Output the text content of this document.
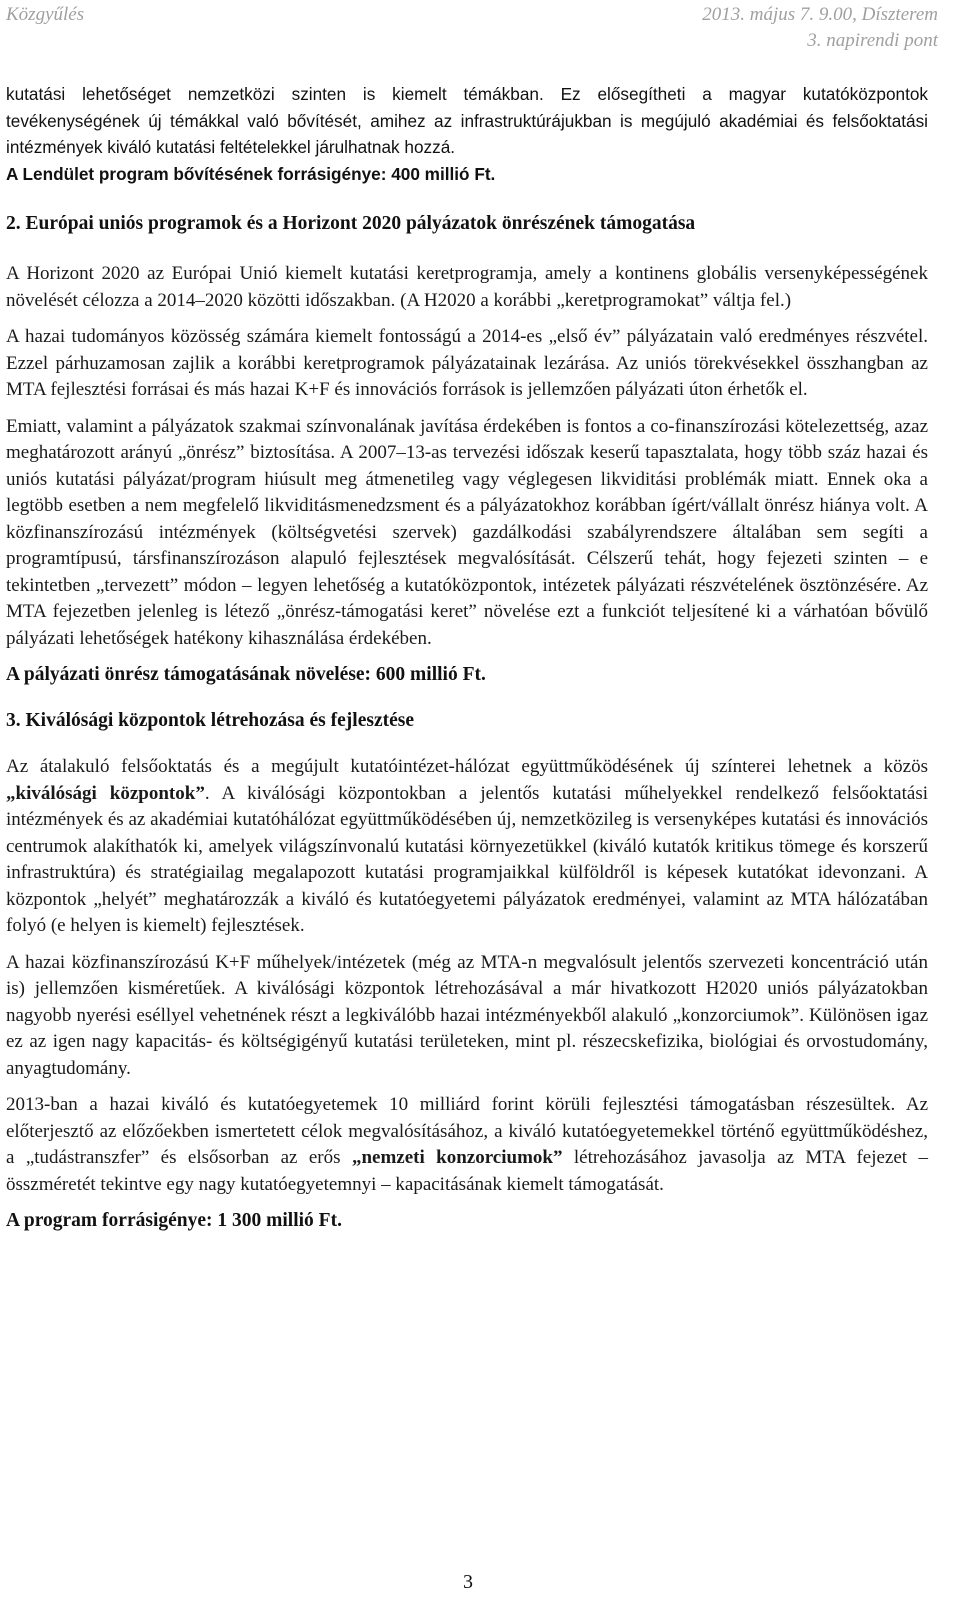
Közgyűlés	2013. május 7. 9.00, Díszterem
3. napirendi pont

kutatási lehetőséget nemzetközi szinten is kiemelt témákban. Ez elősegítheti a magyar kutatóközpontok tevékenységének új témákkal való bővítését, amihez az infrastruktúrájukban is megújuló akadémiai és felsőoktatási intézmények kiváló kutatási feltételekkel járulhatnak hozzá.

A Lendület program bővítésének forrásigénye: 400 millió Ft.

2. Európai uniós programok és a Horizont 2020 pályázatok önrészének támogatása

A Horizont 2020 az Európai Unió kiemelt kutatási keretprogramja, amely a kontinens globális versenyképességének növelését célozza a 2014–2020 közötti időszakban. (A H2020 a korábbi „keretprogramokat” váltja fel.)

A hazai tudományos közösség számára kiemelt fontosságú a 2014-es „első év” pályázatain való eredményes részvétel. Ezzel párhuzamosan zajlik a korábbi keretprogramok pályázatainak lezárása. Az uniós törekvésekkel összhangban az MTA fejlesztési forrásai és más hazai K+F és innovációs források is jellemzően pályázati úton érhetők el.

Emiatt, valamint a pályázatok szakmai színvonalának javítása érdekében is fontos a co-finanszírozási kötelezettség, azaz meghatározott arányú „önrész” biztosítása. A 2007–13-as tervezési időszak keserű tapasztalata, hogy több száz hazai és uniós kutatási pályázat/program hiúsult meg átmenetileg vagy véglegesen likviditási problémák miatt. Ennek oka a legtöbb esetben a nem megfelelő likviditásmenedzsment és a pályázatokhoz korábban ígért/vállalt önrész hiánya volt. A közfinanszírozású intézmények (költségvetési szervek) gazdálkodási szabályrendszere általában sem segíti a programtípusú, társfinanszírozáson alapuló fejlesztések megvalósítását. Célszerű tehát, hogy fejezeti szinten – e tekintetben „tervezett” módon – legyen lehetőség a kutatóközpontok, intézetek pályázati részvételének ösztönzésére. Az MTA fejezetben jelenleg is létező „önrész-támogatási keret” növelése ezt a funkciót teljesítené ki a várhatóan bővülő pályázati lehetőségek hatékony kihasználása érdekében.

A pályázati önrész támogatásának növelése: 600 millió Ft.

3. Kiválósági központok létrehozása és fejlesztése

Az átalakuló felsőoktatás és a megújult kutatóintézet-hálózat együttműködésének új színterei lehetnek a közös „kiválósági központok”. A kiválósági központokban a jelentős kutatási műhelyekkel rendelkező felsőoktatási intézmények és az akadémiai kutatóhálózat együttműködésében új, nemzetközileg is versenyképes kutatási és innovációs centrumok alakíthatók ki, amelyek világszínvonalú kutatási környezetükkel (kiváló kutatók kritikus tömege és korszerű infrastruktúra) és stratégiailag megalapozott kutatási programjaikkal külföldről is képesek kutatókat idevonzani. A központok „helyét” meghatározzák a kiváló és kutatóegyetemi pályázatok eredményei, valamint az MTA hálózatában folyó (e helyen is kiemelt) fejlesztések.

A hazai közfinanszírozású K+F műhelyek/intézetek (még az MTA-n megvalósult jelentős szervezeti koncentráció után is) jellemzően kisméretűek. A kiválósági központok létrehozásával a már hivatkozott H2020 uniós pályázatokban nagyobb nyerési eséllyel vehetnének részt a legkiválóbb hazai intézményekből alakuló „konzorciumok”. Különösen igaz ez az igen nagy kapacitás- és költségigényű kutatási területeken, mint pl. részecskefizika, biológiai és orvostudomány, anyagtudomány.

2013-ban a hazai kiváló és kutatóegyetemek 10 milliárd forint körüli fejlesztési támogatásban részesültek. Az előterjesztő az előzőekben ismertetett célok megvalósításához, a kiváló kutatóegyetemekkel történő együttműködéshez, a „tudástranszfer” és elsősorban az erős „nemzeti konzorciumok” létrehozásához javasolja az MTA fejezet – összméretét tekintve egy nagy kutatóegyetemnyi – kapacitásának kiemelt támogatását.

A program forrásigénye: 1 300 millió Ft.

3
